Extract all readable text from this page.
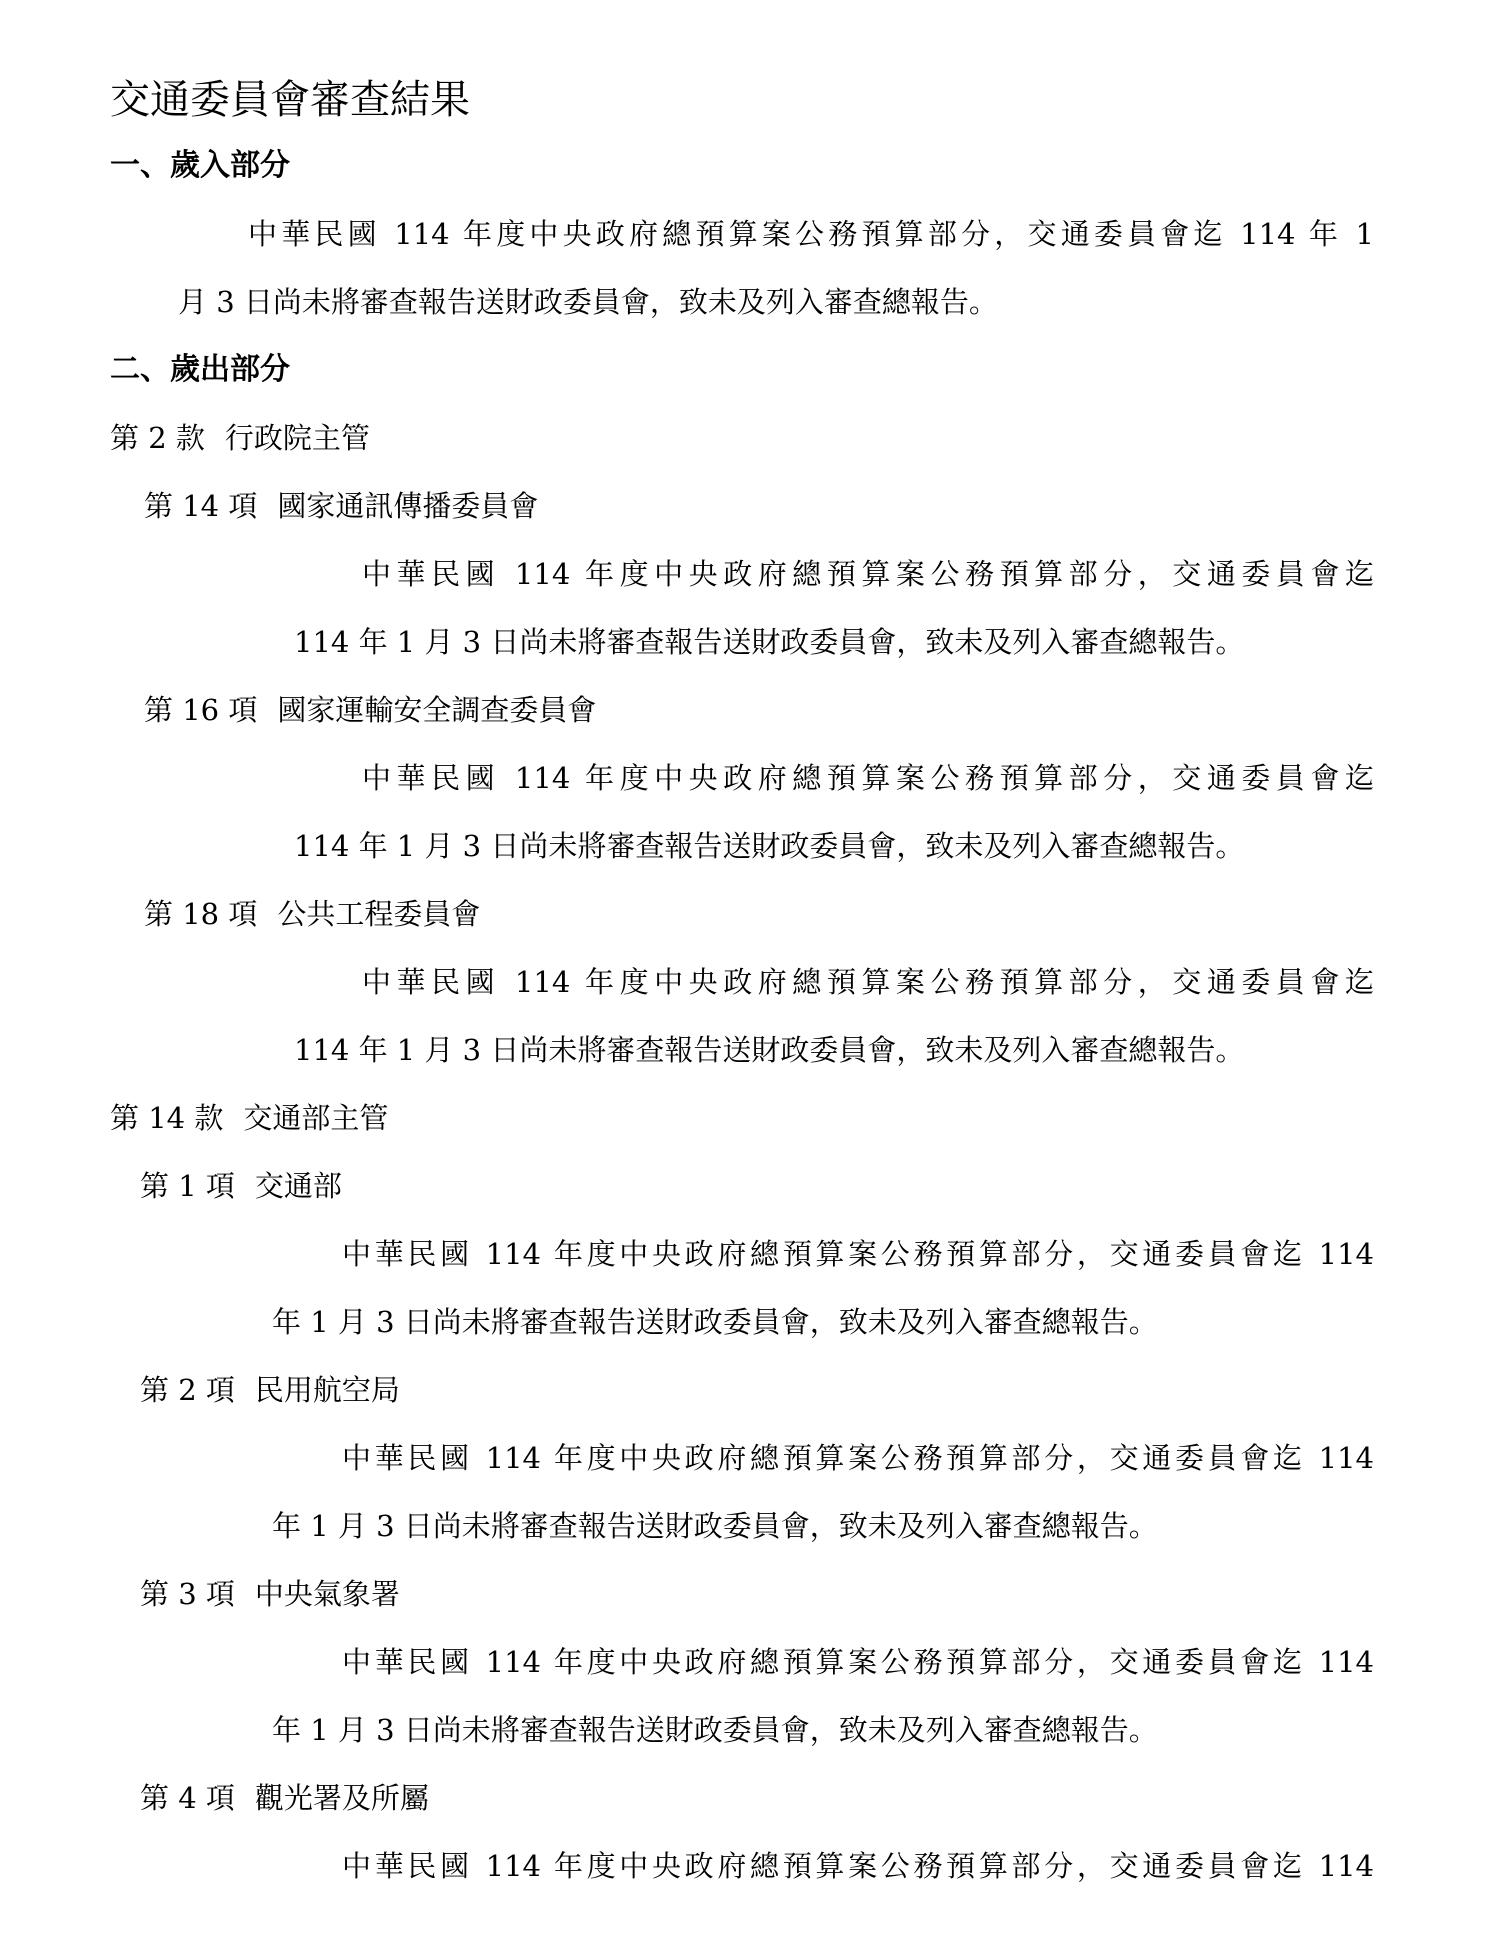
交通委員會審查結果
一、歲入部分
中華民國 114 年度中央政府總預算案公務預算部分，交通委員會迄 114 年 1
月 3 日尚未將審查報告送財政委員會，致未及列入審查總報告。
二、歲出部分
第 2 款 行政院主管
第 14 項 國家通訊傳播委員會
中華民國 114 年度中央政府總預算案公務預算部分，交通委員會迄
114 年 1 月 3 日尚未將審查報告送財政委員會，致未及列入審查總報告。
第 16 項 國家運輸安全調查委員會
中華民國 114 年度中央政府總預算案公務預算部分，交通委員會迄
114 年 1 月 3 日尚未將審查報告送財政委員會，致未及列入審查總報告。
第 18 項 公共工程委員會
中華民國 114 年度中央政府總預算案公務預算部分，交通委員會迄
114 年 1 月 3 日尚未將審查報告送財政委員會，致未及列入審查總報告。
第 14 款 交通部主管
第 1 項 交通部
中華民國 114 年度中央政府總預算案公務預算部分，交通委員會迄 114
年 1 月 3 日尚未將審查報告送財政委員會，致未及列入審查總報告。
第 2 項 民用航空局
中華民國 114 年度中央政府總預算案公務預算部分，交通委員會迄 114
年 1 月 3 日尚未將審查報告送財政委員會，致未及列入審查總報告。
第 3 項 中央氣象署
中華民國 114 年度中央政府總預算案公務預算部分，交通委員會迄 114
年 1 月 3 日尚未將審查報告送財政委員會，致未及列入審查總報告。
第 4 項 觀光署及所屬
中華民國 114 年度中央政府總預算案公務預算部分，交通委員會迄 114
